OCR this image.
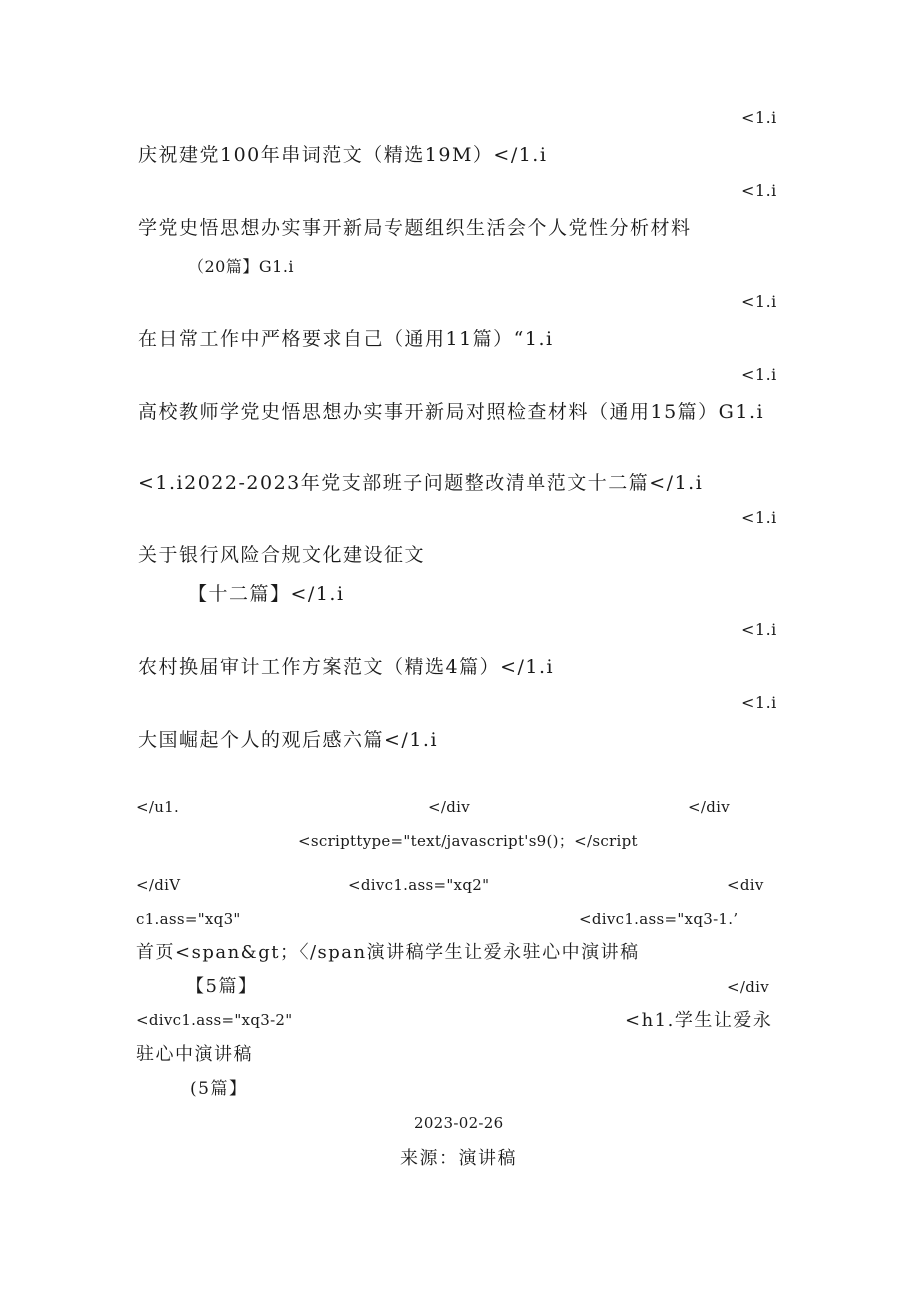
<1.i
庆祝建党100年串词范文（精选19M）</1.i
<1.i
学党史悟思想办实事开新局专题组织生活会个人党性分析材料
（20篇】G1.i
<1.i
在日常工作中严格要求自己（通用11篇）“1.i
<1.i
高校教师学党史悟思想办实事开新局对照检查材料（通用15篇）G1.i
<1.i2022-2023年党支部班子问题整改清单范文十二篇</1.i
<1.i
关于银行风险合规文化建设征文
【十二篇】</1.i
<1.i
农村换届审计工作方案范文（精选4篇）</1.i
<1.i
大国崛起个人的观后感六篇</1.i
</u1.	</div	</div
<scripttype="text/javascript's9()；</script
</diV	<divc1.ass="xq2"	<div
c1.ass="xq3"	<divc1.ass="xq3-1.’
首页<span&gt；〈/span演讲稿学生让爱永驻心中演讲稿
【5篇】	</div
<divc1.ass="xq3-2"	<h1.学生让爱永
驻心中演讲稿
(5篇】
2023-02-26
来源：演讲稿
